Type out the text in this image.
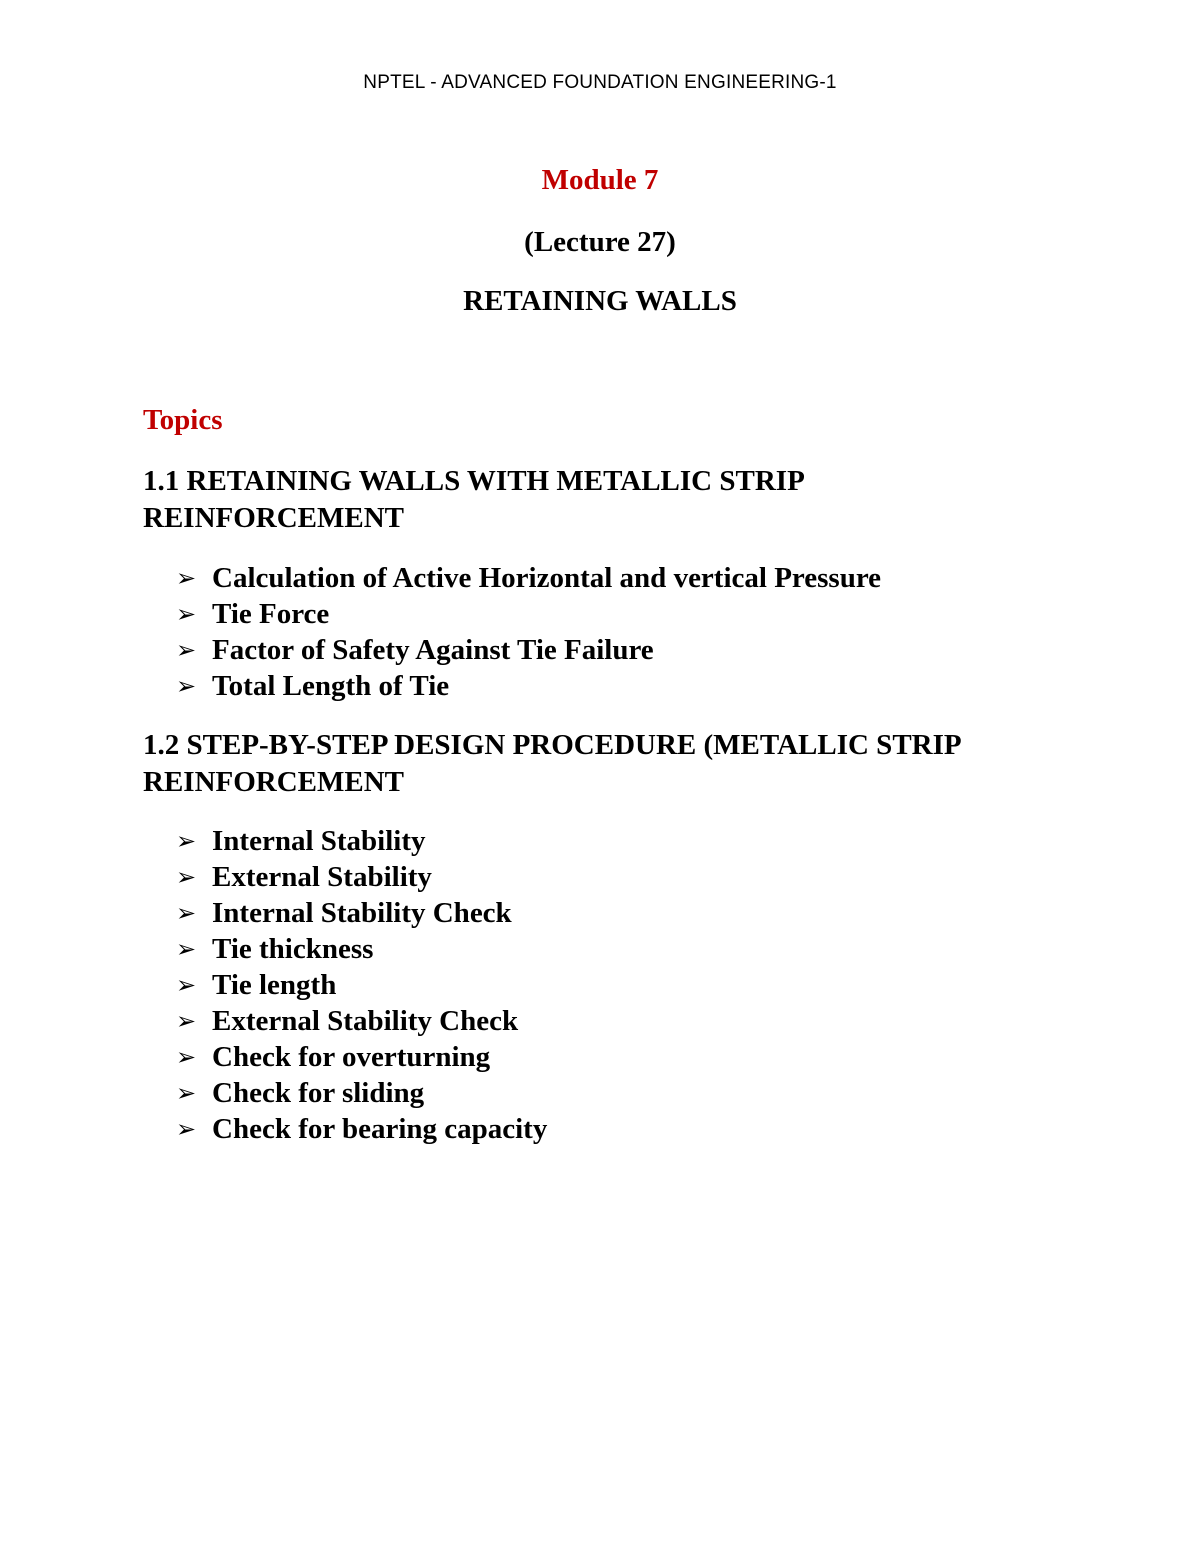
NPTEL - ADVANCED FOUNDATION ENGINEERING-1
Module 7
(Lecture 27)
RETAINING WALLS
Topics
1.1 RETAINING WALLS WITH METALLIC STRIP REINFORCEMENT
➢ Calculation of Active Horizontal and vertical Pressure
➢ Tie Force
➢ Factor of Safety Against Tie Failure
➢ Total Length of Tie
1.2 STEP-BY-STEP DESIGN PROCEDURE (METALLIC STRIP REINFORCEMENT
➢ Internal Stability
➢ External Stability
➢ Internal Stability Check
➢ Tie thickness
➢ Tie length
➢ External Stability Check
➢ Check for overturning
➢ Check for sliding
➢ Check for bearing capacity
